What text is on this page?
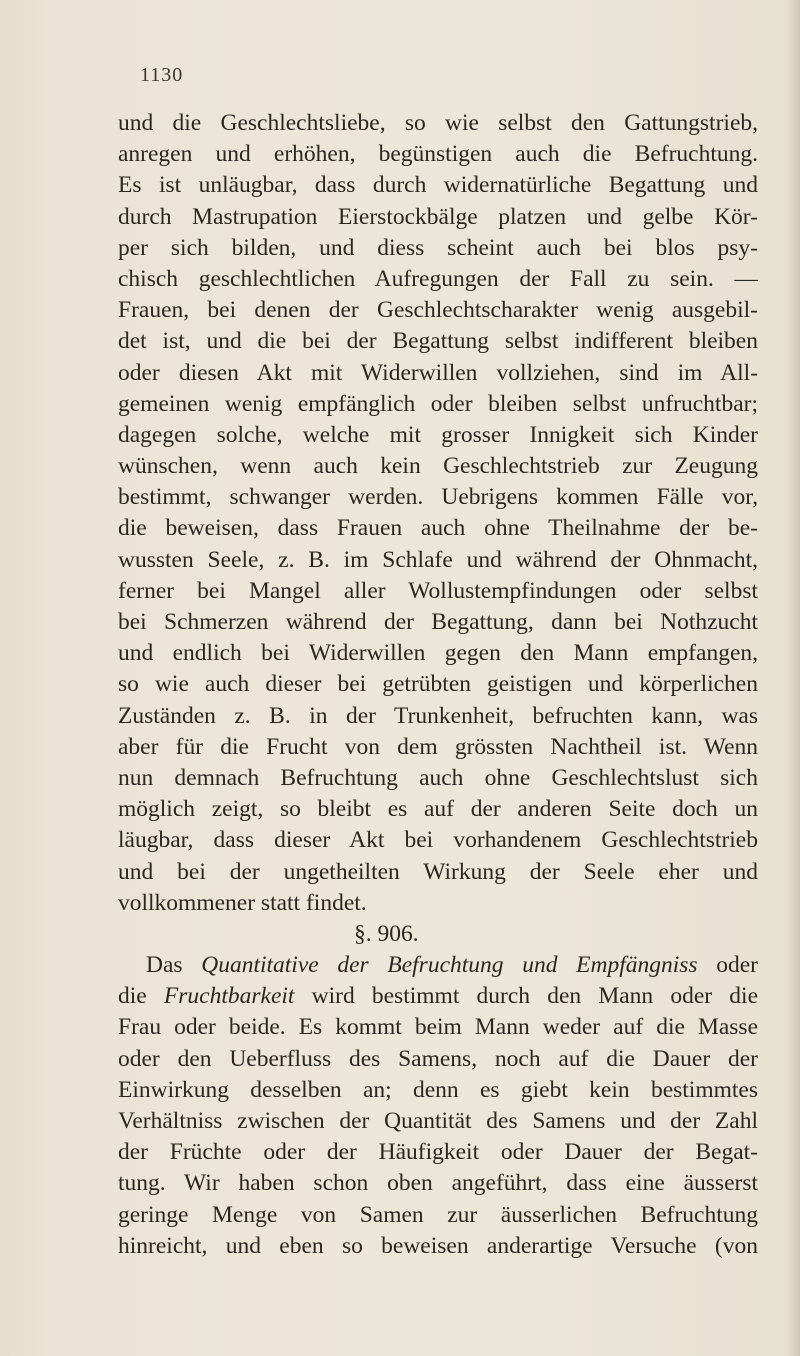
1130
und die Geschlechtsliebe, so wie selbst den Gattungstrieb,
anregen und erhöhen, begünstigen auch die Befruchtung.
Es ist unläugbar, dass durch widernatürliche Begattung und
durch Mastrupation Eierstockbälge platzen und gelbe Kör-
per sich bilden, und diess scheint auch bei blos psy-
chisch geschlechtlichen Aufregungen der Fall zu sein. —
Frauen, bei denen der Geschlechtscharakter wenig ausgebil-
det ist, und die bei der Begattung selbst indifferent bleiben
oder diesen Akt mit Widerwillen vollziehen, sind im All-
gemeinen wenig empfänglich oder bleiben selbst unfruchtbar;
dagegen solche, welche mit grosser Innigkeit sich Kinder
wünschen, wenn auch kein Geschlechtstrieb zur Zeugung
bestimmt, schwanger werden. Uebrigens kommen Fälle vor,
die beweisen, dass Frauen auch ohne Theilnahme der be-
wussten Seele, z. B. im Schlafe und während der Ohnmacht,
ferner bei Mangel aller Wollustempfindungen oder selbst
bei Schmerzen während der Begattung, dann bei Nothzucht
und endlich bei Widerwillen gegen den Mann empfangen,
so wie auch dieser bei getrübten geistigen und körperlichen
Zuständen z. B. in der Trunkenheit, befruchten kann, was
aber für die Frucht von dem grössten Nachtheil ist. Wenn
nun demnach Befruchtung auch ohne Geschlechtslust sich
möglich zeigt, so bleibt es auf der anderen Seite doch un
läugbar, dass dieser Akt bei vorhandenem Geschlechtstrieb
und bei der ungetheilten Wirkung der Seele eher und
vollkommener statt findet.
§. 906.
Das Quantitative der Befruchtung und Empfängniss oder
die Fruchtbarkeit wird bestimmt durch den Mann oder die
Frau oder beide. Es kommt beim Mann weder auf die Masse
oder den Ueberfluss des Samens, noch auf die Dauer der
Einwirkung desselben an; denn es giebt kein bestimmtes
Verhältniss zwischen der Quantität des Samens und der Zahl
der Früchte oder der Häufigkeit oder Dauer der Begat-
tung. Wir haben schon oben angeführt, dass eine äusserst
geringe Menge von Samen zur äusserlichen Befruchtung
hinreicht, und eben so beweisen anderartige Versuche (von
